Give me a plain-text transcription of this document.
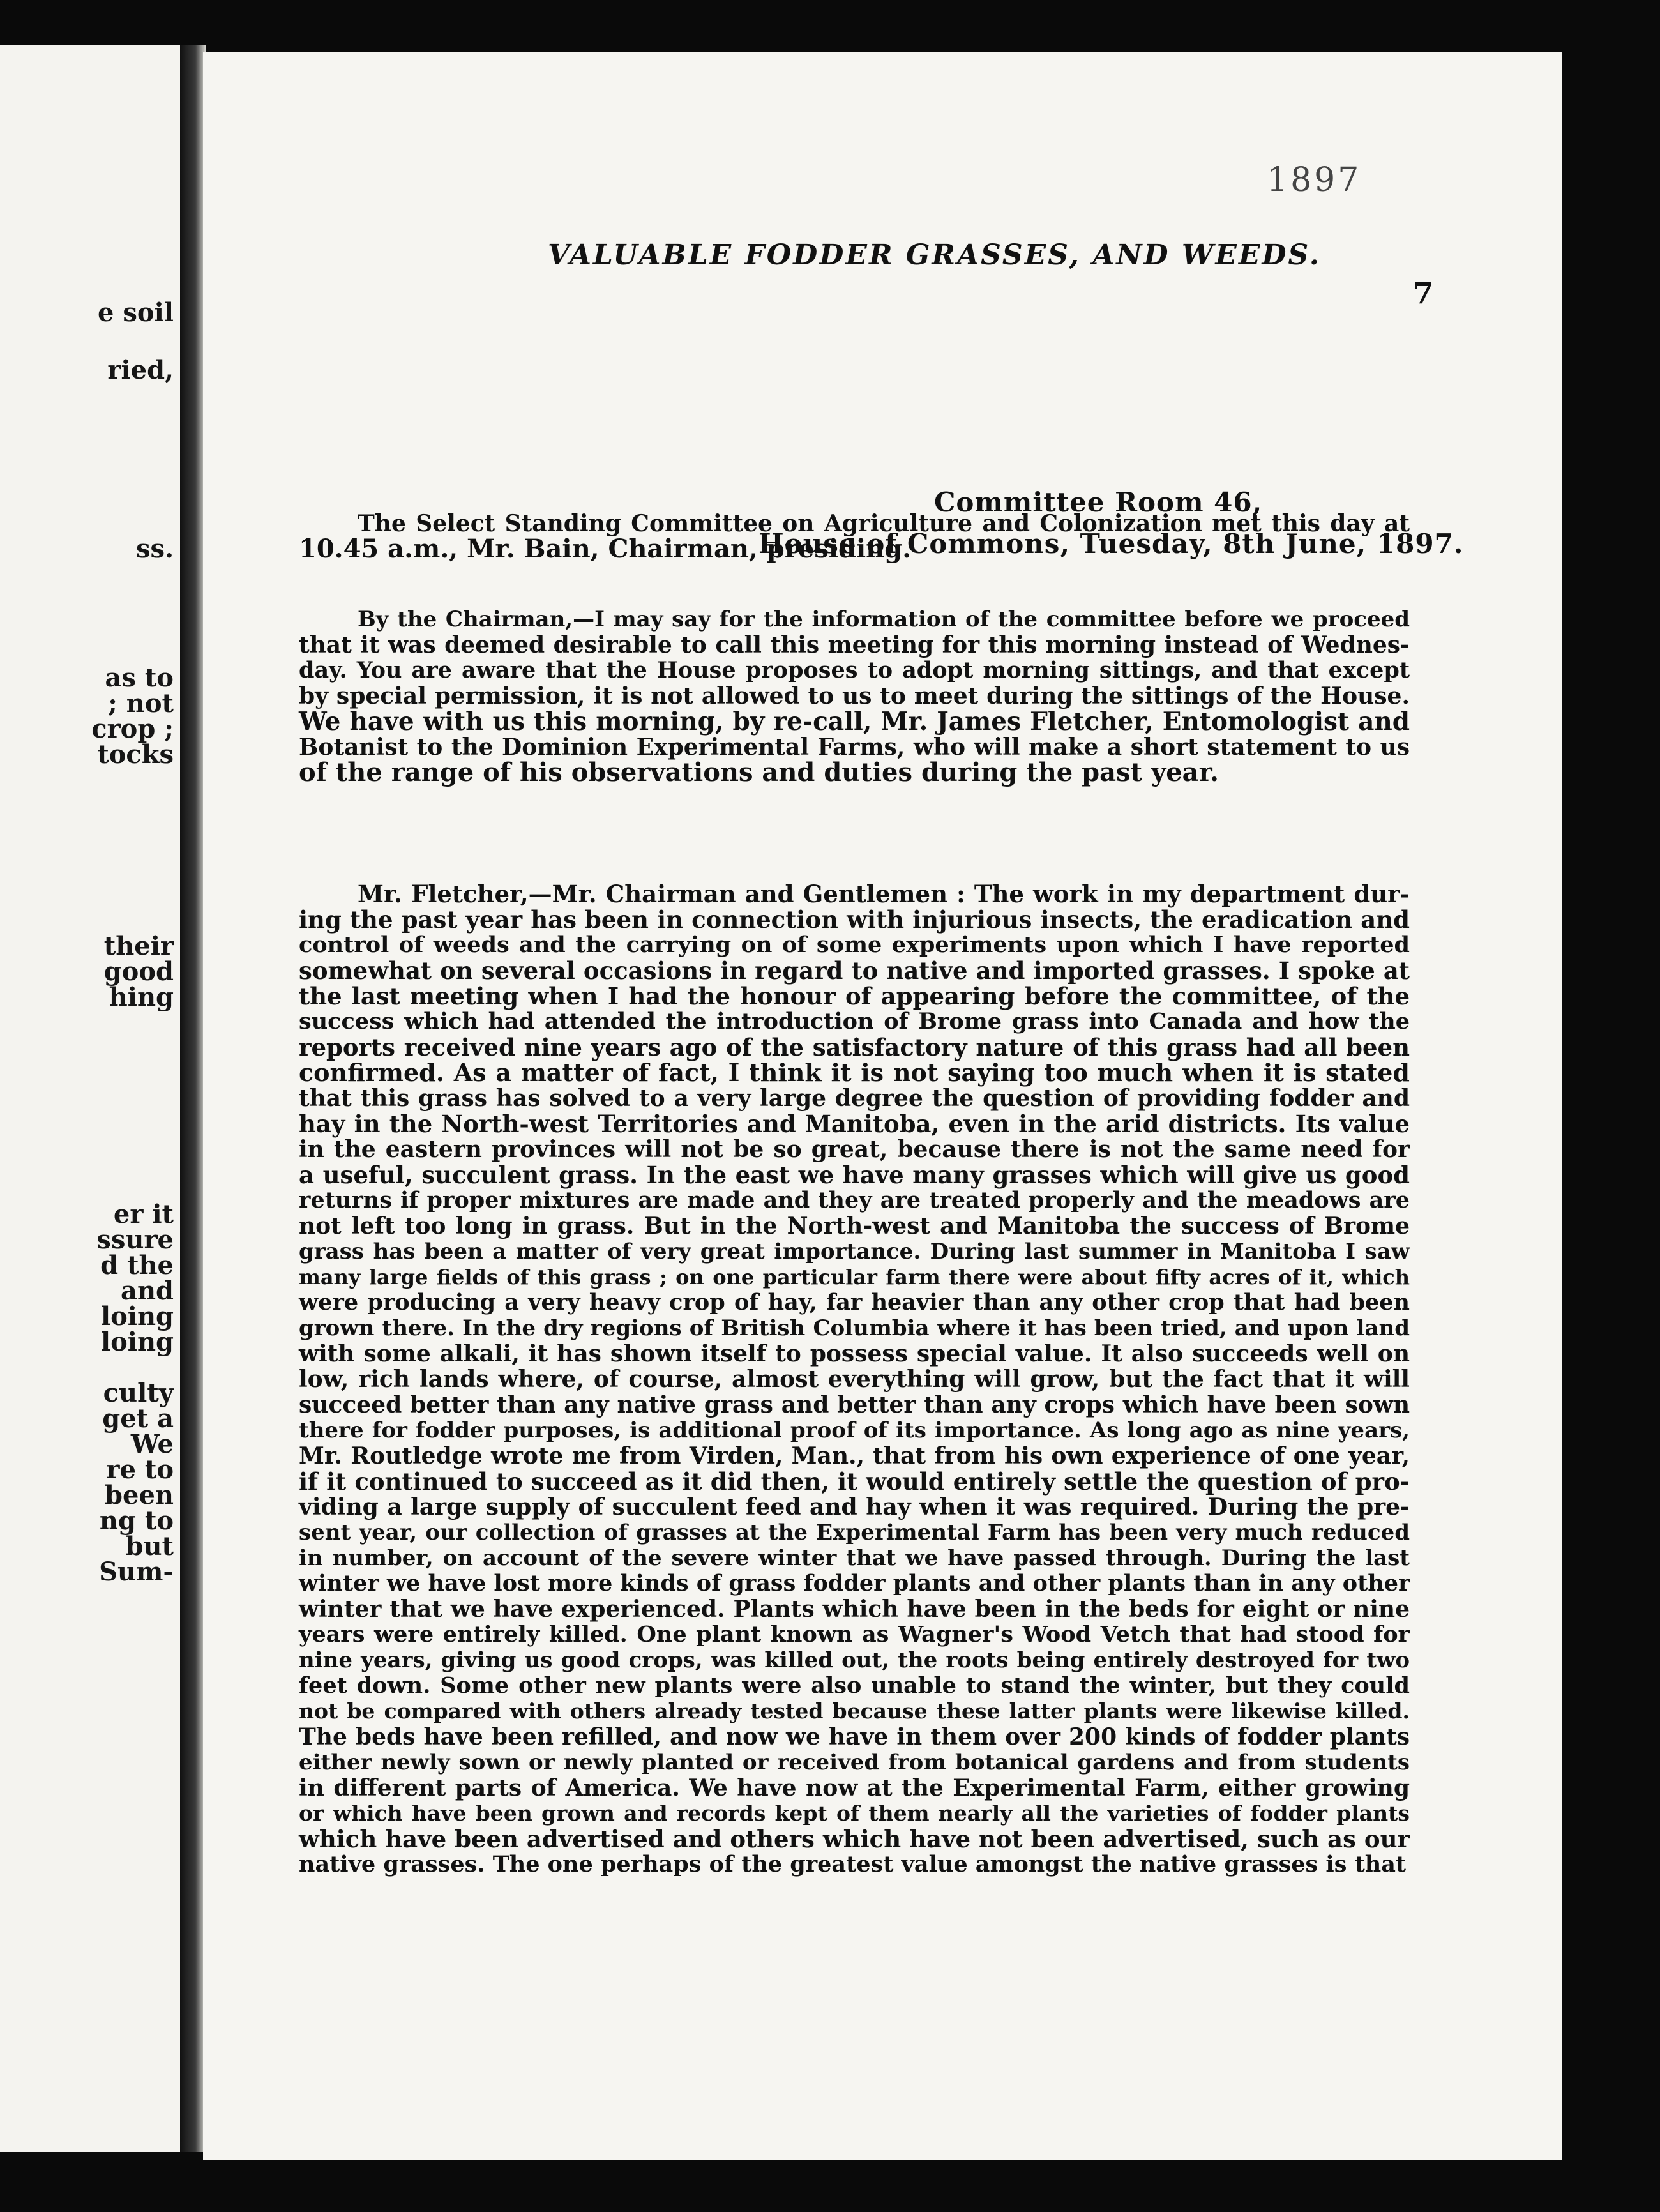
e soil
ried,
ss.
as to
; not
crop ;
tocks
their
good
hing
er it
ssure
d the
and
loing
loing
culty
get a
We
re to
been
ng to
but
Sum-
1897
VALUABLE FODDER GRASSES, AND WEEDS.
7
Committee Room 46,
House of Commons, Tuesday, 8th June, 1897.
The Select Standing Committee on Agriculture and Colonization met this day at
10.45 a.m., Mr. Bain, Chairman, presiding.
By the Chairman,—I may say for the information of the committee before we proceed
that it was deemed desirable to call this meeting for this morning instead of Wednes-
day. You are aware that the House proposes to adopt morning sittings, and that except
by special permission, it is not allowed to us to meet during the sittings of the House.
We have with us this morning, by re-call, Mr. James Fletcher, Entomologist and
Botanist to the Dominion Experimental Farms, who will make a short statement to us
of the range of his observations and duties during the past year.
Mr. Fletcher,—Mr. Chairman and Gentlemen : The work in my department dur-
ing the past year has been in connection with injurious insects, the eradication and
control of weeds and the carrying on of some experiments upon which I have reported
somewhat on several occasions in regard to native and imported grasses. I spoke at
the last meeting when I had the honour of appearing before the committee, of the
success which had attended the introduction of Brome grass into Canada and how the
reports received nine years ago of the satisfactory nature of this grass had all been
confirmed. As a matter of fact, I think it is not saying too much when it is stated
that this grass has solved to a very large degree the question of providing fodder and
hay in the North-west Territories and Manitoba, even in the arid districts. Its value
in the eastern provinces will not be so great, because there is not the same need for
a useful, succulent grass. In the east we have many grasses which will give us good
returns if proper mixtures are made and they are treated properly and the meadows are
not left too long in grass. But in the North-west and Manitoba the success of Brome
grass has been a matter of very great importance. During last summer in Manitoba I saw
many large fields of this grass ; on one particular farm there were about fifty acres of it, which
were producing a very heavy crop of hay, far heavier than any other crop that had been
grown there. In the dry regions of British Columbia where it has been tried, and upon land
with some alkali, it has shown itself to possess special value. It also succeeds well on
low, rich lands where, of course, almost everything will grow, but the fact that it will
succeed better than any native grass and better than any crops which have been sown
there for fodder purposes, is additional proof of its importance. As long ago as nine years,
Mr. Routledge wrote me from Virden, Man., that from his own experience of one year,
if it continued to succeed as it did then, it would entirely settle the question of pro-
viding a large supply of succulent feed and hay when it was required. During the pre-
sent year, our collection of grasses at the Experimental Farm has been very much reduced
in number, on account of the severe winter that we have passed through. During the last
winter we have lost more kinds of grass fodder plants and other plants than in any other
winter that we have experienced. Plants which have been in the beds for eight or nine
years were entirely killed. One plant known as Wagner's Wood Vetch that had stood for
nine years, giving us good crops, was killed out, the roots being entirely destroyed for two
feet down. Some other new plants were also unable to stand the winter, but they could
not be compared with others already tested because these latter plants were likewise killed.
The beds have been refilled, and now we have in them over 200 kinds of fodder plants
either newly sown or newly planted or received from botanical gardens and from students
in different parts of America. We have now at the Experimental Farm, either growing
or which have been grown and records kept of them nearly all the varieties of fodder plants
which have been advertised and others which have not been advertised, such as our
native grasses. The one perhaps of the greatest value amongst the native grasses is that
